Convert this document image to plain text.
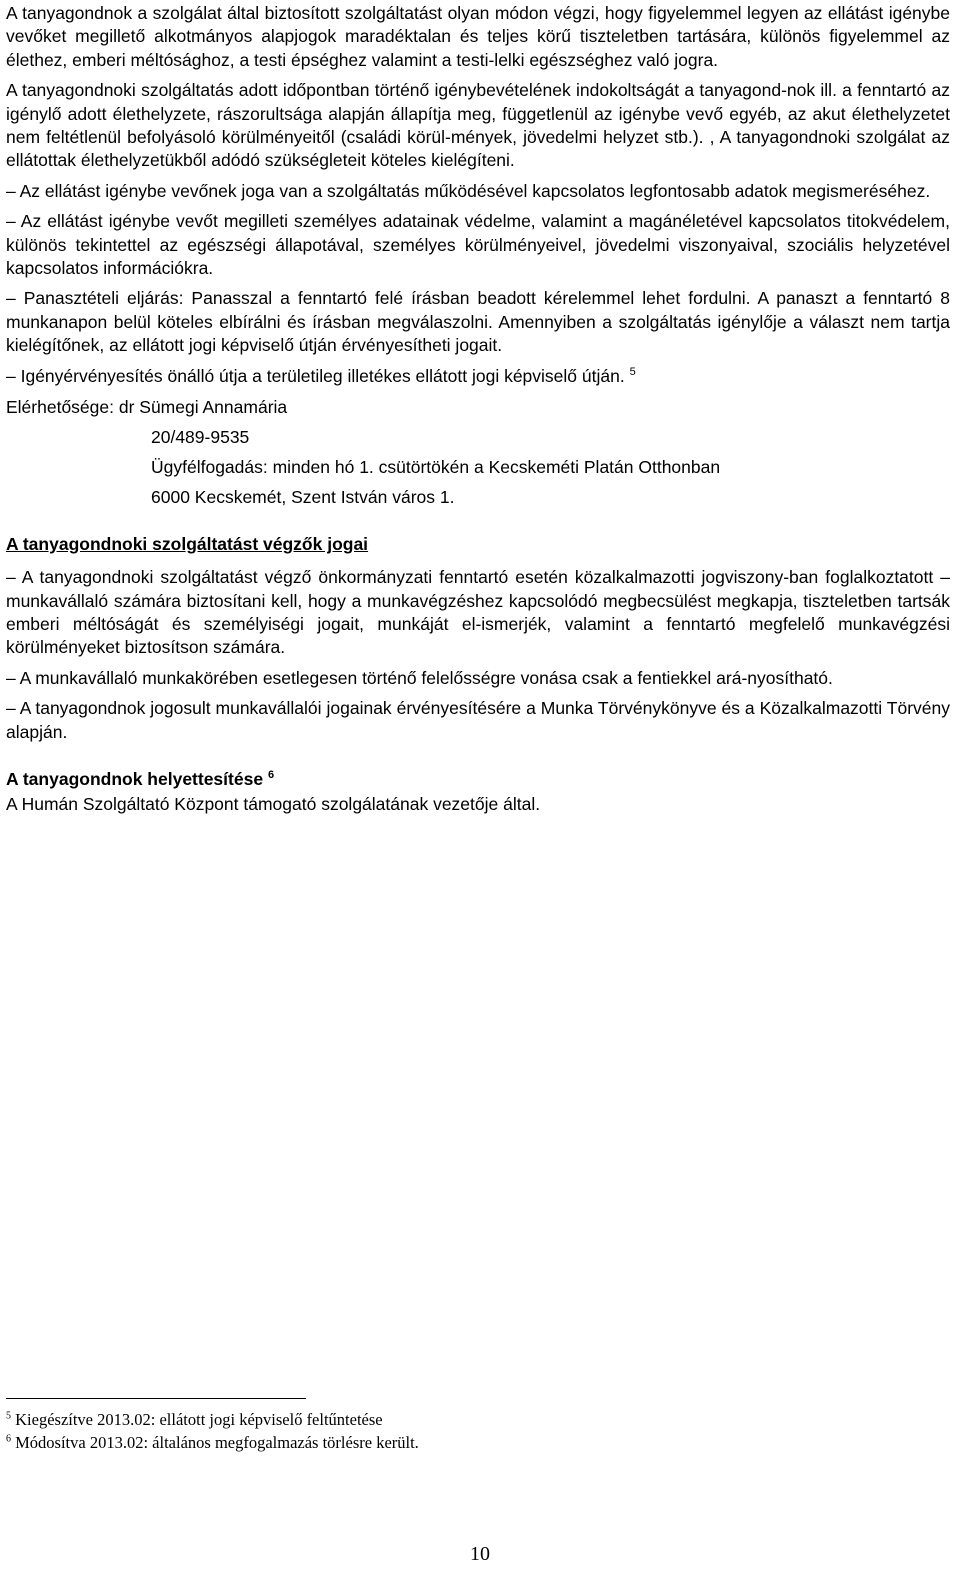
A tanyagondnok a szolgálat által biztosított szolgáltatást olyan módon végzi, hogy figyelemmel legyen az ellátást igénybe vevőket megillető alkotmányos alapjogok maradéktalan és teljes körű tiszteletben tartására, különös figyelemmel az élethez, emberi méltósághoz, a testi épséghez valamint a testi-lelki egészséghez való jogra.

A tanyagondnoki szolgáltatás adott időpontban történő igénybevételének indokoltságát a tanyagond-nok ill. a fenntartó az igénylő adott élethelyzete, rászorultsága alapján állapítja meg, függetlenül az igénybe vevő egyéb, az akut élethelyzetet nem feltétlenül befolyásoló körülményeitől (családi körül-mények, jövedelmi helyzet stb.). , A tanyagondnoki szolgálat az ellátottak élethelyzetükből adódó szükségleteit köteles kielégíteni.

– Az ellátást igénybe vevőnek joga van a szolgáltatás működésével kapcsolatos legfontosabb adatok megismeréséhez.

– Az ellátást igénybe vevőt megilleti személyes adatainak védelme, valamint a magánéletével kapcsolatos titokvédelem, különös tekintettel az egészségi állapotával, személyes körülményeivel, jövedelmi viszonyaival, szociális helyzetével kapcsolatos információkra.

– Panasztételi eljárás: Panasszal a fenntartó felé írásban beadott kérelemmel lehet fordulni. A panaszt a fenntartó 8 munkanapon belül köteles elbírálni és írásban megválaszolni. Amennyiben a szolgáltatás igénylője a választ nem tartja kielégítőnek, az ellátott jogi képviselő útján érvényesítheti jogait.

– Igényérvényesítés önálló útja a területileg illetékes ellátott jogi képviselő útján. $^5$

Elérhetősége: dr Sümegi Annamária

20/489-9535
Ügyfélfogadás: minden hó 1. csütörtökén a Kecskeméti Platán Otthonban
6000 Kecskemét, Szent István város 1.

A tanyagondnoki szolgáltatást végzők jogai

– A tanyagondnoki szolgáltatást végző önkormányzati fenntartó esetén közalkalmazotti jogviszony-ban foglalkoztatott – munkavállaló számára biztosítani kell, hogy a munkavégzéshez kapcsolódó megbecsülést megkapja, tiszteletben tartsák emberi méltóságát és személyiségi jogait, munkáját el-ismerjék, valamint a fenntartó megfelelő munkavégzési körülményeket biztosítson számára.

– A munkavállaló munkakörében esetlegesen történő felelősségre vonása csak a fentiekkel ará-nyosítható.

– A tanyagondnok jogosult munkavállalói jogainak érvényesítésére a Munka Törvénykönyve és a Közalkalmazotti Törvény alapján.

A tanyagondnok helyettesítése $^6$

A Humán Szolgáltató Központ támogató szolgálatának vezetője által.

$^5$ Kiegészítve 2013.02: ellátott jogi képviselő feltűntetése
$^6$ Módosítva 2013.02: általános megfogalmazás törlésre került.
10
